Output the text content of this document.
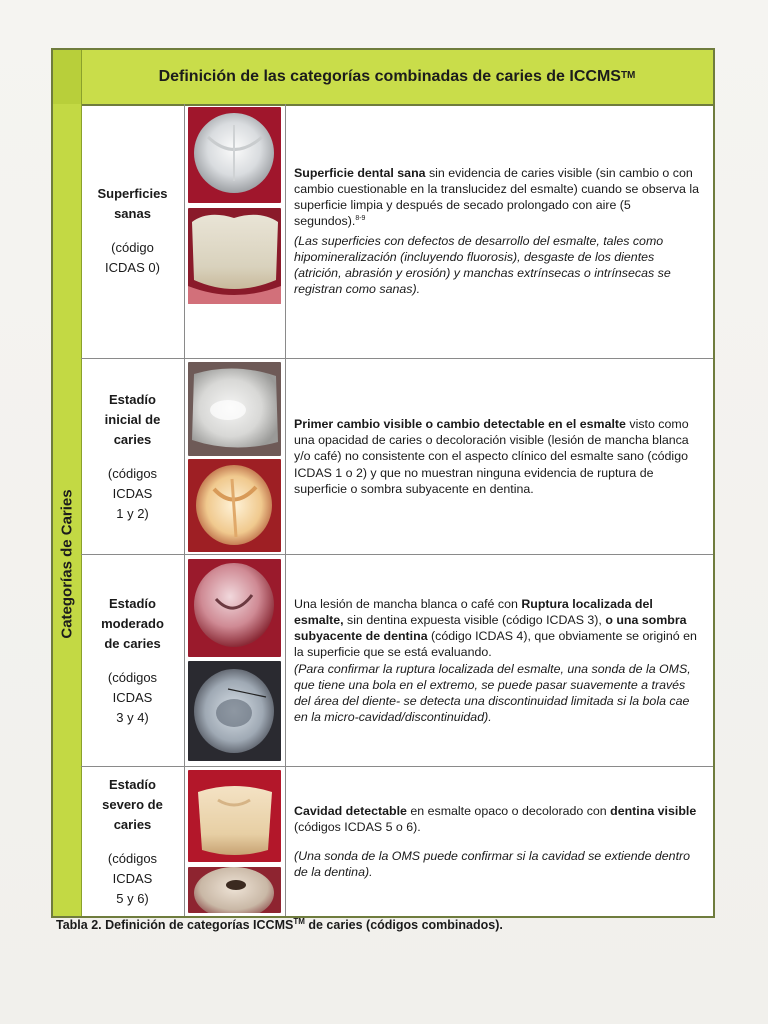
Definición de las categorías combinadas de caries de ICCMS™
Categorías de Caries
Superficies
sanas
(código
ICDAS 0)
Superficie dental sana sin evidencia de caries visible (sin cambio o con cambio cuestionable en la translucidez del esmalte) cuando se observa la superficie limpia y después de secado prolongado con aire (5 segundos).$^{8-9}$
(Las superficies con defectos de desarrollo del esmalte, tales como hipomineralización (incluyendo fluorosis), desgaste de los dientes (atrición, abrasión y erosión) y manchas extrínsecas o intrínsecas se registran como sanas).
Estadío
inicial de
caries
(códigos
ICDAS
1 y 2)
Primer cambio visible o cambio detectable en el esmalte visto como una opacidad de caries o decoloración visible (lesión de mancha blanca y/o café) no consistente con el aspecto clínico del esmalte sano (código ICDAS 1 o 2) y que no muestran ninguna evidencia de ruptura de superficie o sombra subyacente en dentina.
Estadío
moderado
de caries
(códigos
ICDAS
3 y 4)
Una lesión de mancha blanca o café con Ruptura localizada del esmalte, sin dentina expuesta visible (código ICDAS 3), o una sombra subyacente de dentina (código ICDAS 4), que obviamente se originó en la superficie que se está evaluando.
(Para confirmar la ruptura localizada del esmalte, una sonda de la OMS, que tiene una bola en el extremo, se puede pasar suavemente a través del área del diente- se detecta una discontinuidad limitada si la bola cae en la micro-cavidad/discontinuidad).
Estadío
severo de
caries
(códigos
ICDAS
5 y 6)
Cavidad detectable en esmalte opaco o decolorado con dentina visible (códigos ICDAS 5 o 6).
(Una sonda de la OMS puede confirmar si la cavidad se extiende dentro de la dentina).
Tabla 2. Definición de categorías ICCMS™ de caries (códigos combinados).
